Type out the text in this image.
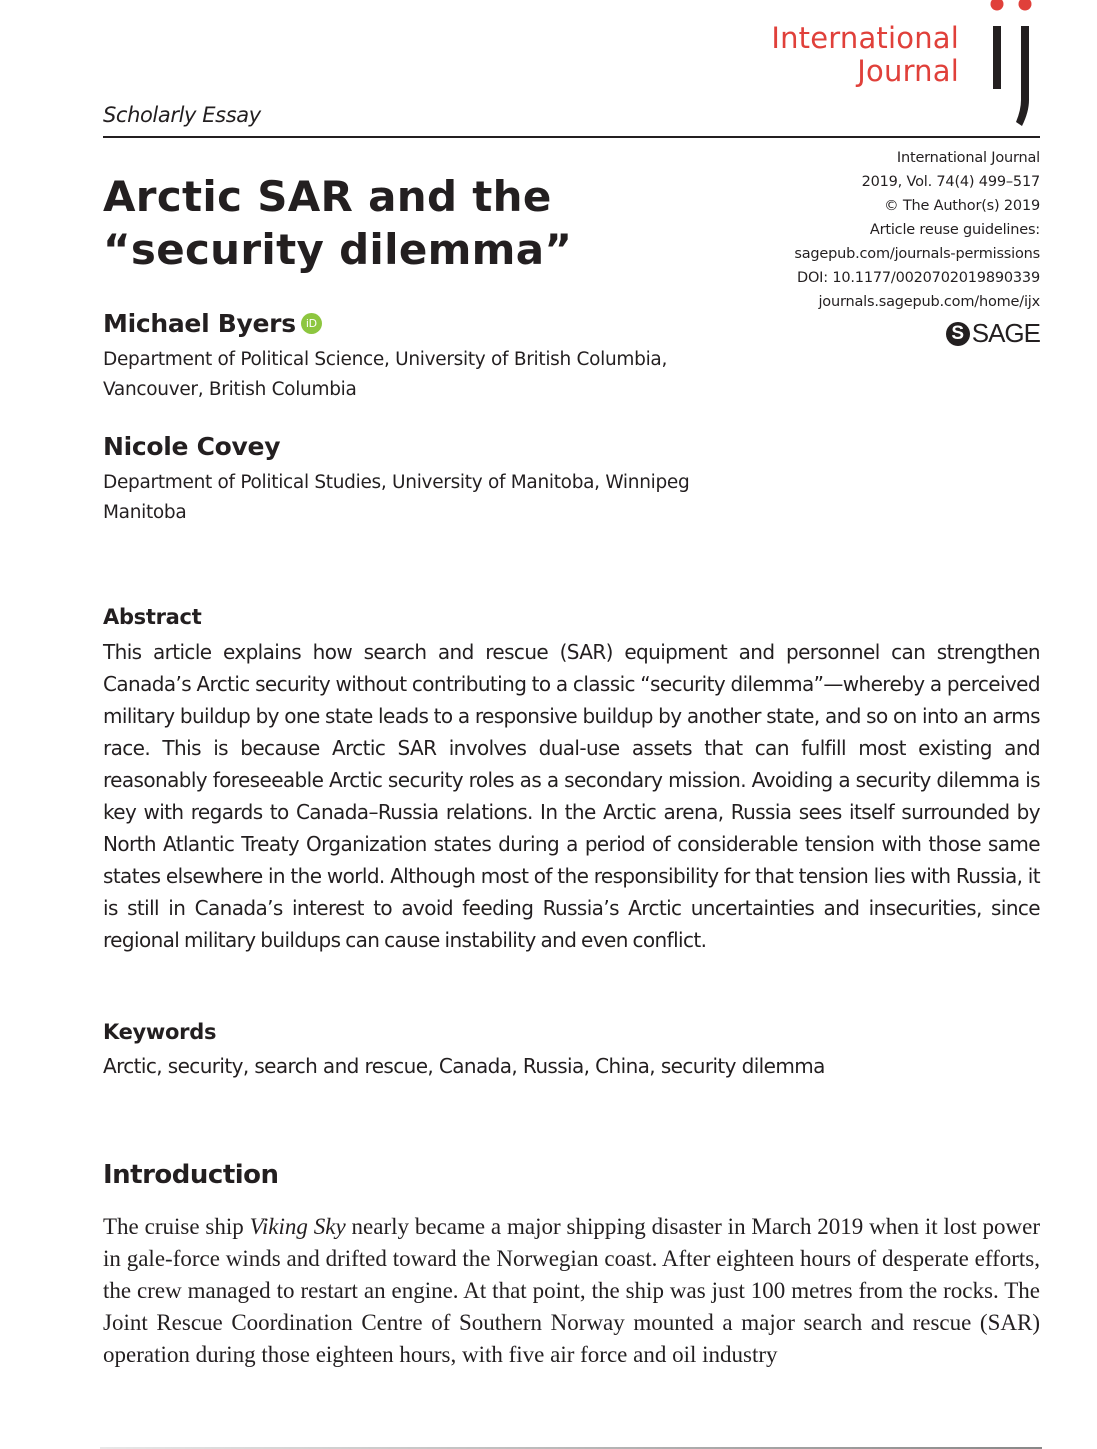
International
Journal
Scholarly Essay
Arctic SAR and the
“security dilemma”
International Journal
2019, Vol. 74(4) 499–517
© The Author(s) 2019
Article reuse guidelines:
sagepub.com/journals-permissions
DOI: 10.1177/0020702019890339
journals.sagepub.com/home/ijx
S SAGE
Michael Byers iD
Department of Political Science, University of British Columbia,
Vancouver, British Columbia
Nicole Covey
Department of Political Studies, University of Manitoba, Winnipeg
Manitoba
Abstract

This article explains how search and rescue (SAR) equipment and personnel can strengthen Canada’s Arctic security without contributing to a classic “security dilemma”—whereby a perceived military buildup by one state leads to a responsive buildup by another state, and so on into an arms race. This is because Arctic SAR involves dual-use assets that can fulfill most existing and reasonably foreseeable Arctic security roles as a secondary mission. Avoiding a security dilemma is key with regards to Canada–Russia relations. In the Arctic arena, Russia sees itself surrounded by North Atlantic Treaty Organization states during a period of considerable tension with those same states elsewhere in the world. Although most of the responsibility for that tension lies with Russia, it is still in Canada’s interest to avoid feeding Russia’s Arctic uncertainties and insecurities, since regional military buildups can cause instability and even conflict.

Keywords
Arctic, security, search and rescue, Canada, Russia, China, security dilemma
Introduction

The cruise ship Viking Sky nearly became a major shipping disaster in March 2019 when it lost power in gale-force winds and drifted toward the Norwegian coast. After eighteen hours of desperate efforts, the crew managed to restart an engine. At that point, the ship was just 100 metres from the rocks. The Joint Rescue Coordination Centre of Southern Norway mounted a major search and rescue (SAR) operation during those eighteen hours, with five air force and oil industry
